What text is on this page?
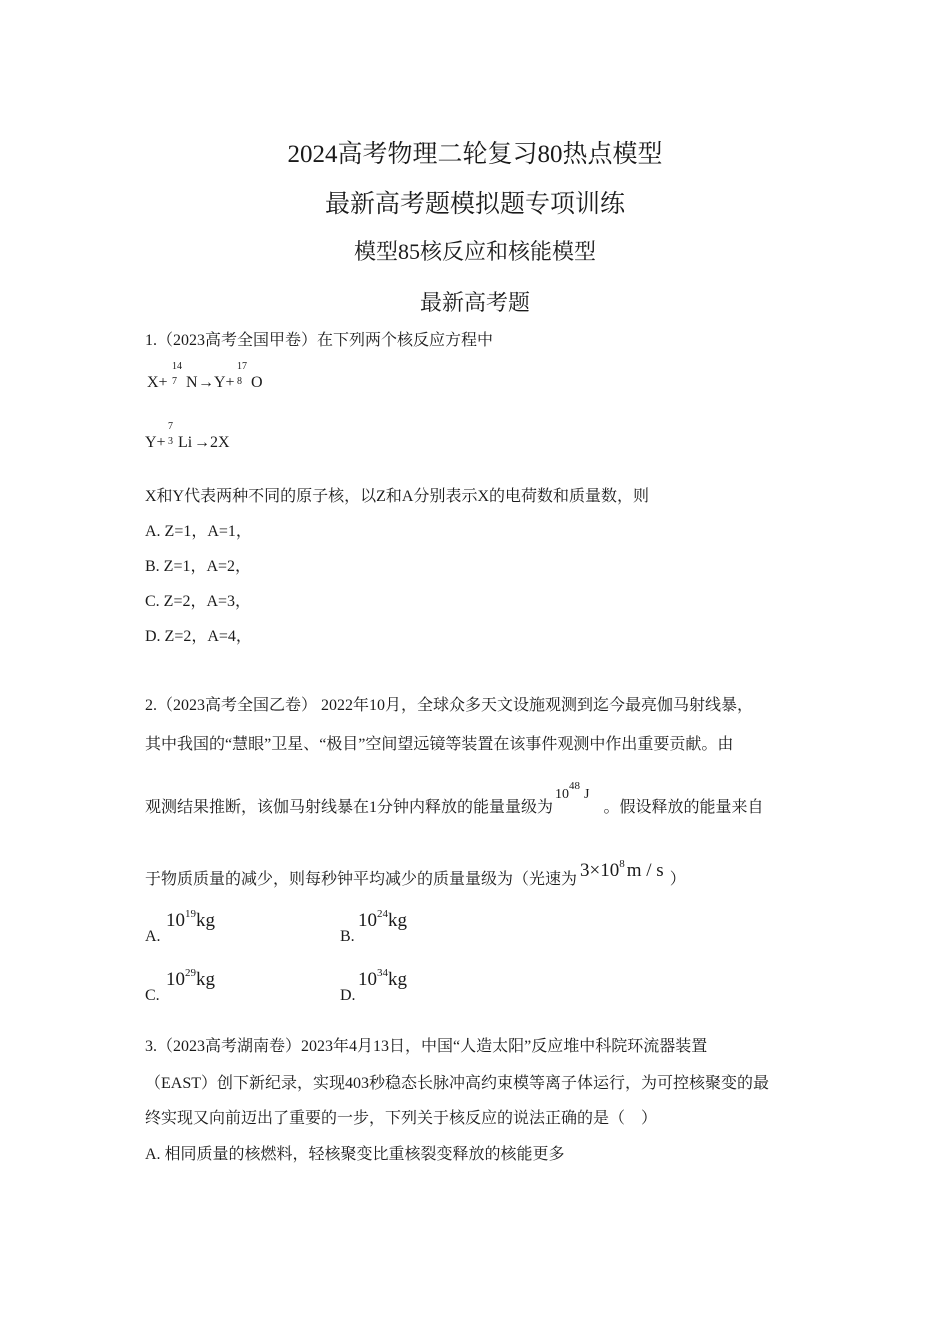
2024高考物理二轮复习80热点模型
最新高考题模拟题专项训练
模型85核反应和核能模型
最新高考题
1.（2023高考全国甲卷）在下列两个核反应方程中
X+
14
7 N →Y+
17
8 O
Y+
7
3 Li →2X
X和Y代表两种不同的原子核，以Z和A分别表示X的电荷数和质量数，则
A. Z=1，A=1，
B. Z=1，A=2，
C. Z=2，A=3，
D. Z=2，A=4，
2.（2023高考全国乙卷） 2022年10月，全球众多天文设施观测到迄今最亮伽马射线暴，
其中我国的“慧眼”卫星、“极目”空间望远镜等装置在该事件观测中作出重要贡献。由
观测结果推断，该伽马射线暴在1分钟内释放的能量量级为$10^{48}J$。假设释放的能量来自
于物质质量的减少，则每秒钟平均减少的质量量级为（光速为 $3\times 10^8$ m / s ）
A.
$10^{19}kg$
B.
$10^{24}kg$
C.
$10^{29}kg$
D.
$10^{34}kg$
3.（2023高考湖南卷）2023年4月13日，中国“人造太阳”反应堆中科院环流器装置
（EAST）创下新纪录，实现403秒稳态长脉冲高约束模等离子体运行，为可控核聚变的最
终实现又向前迈出了重要的一步，下列关于核反应的说法正确的是（　）
A. 相同质量的核燃料，轻核聚变比重核裂变释放的核能更多
